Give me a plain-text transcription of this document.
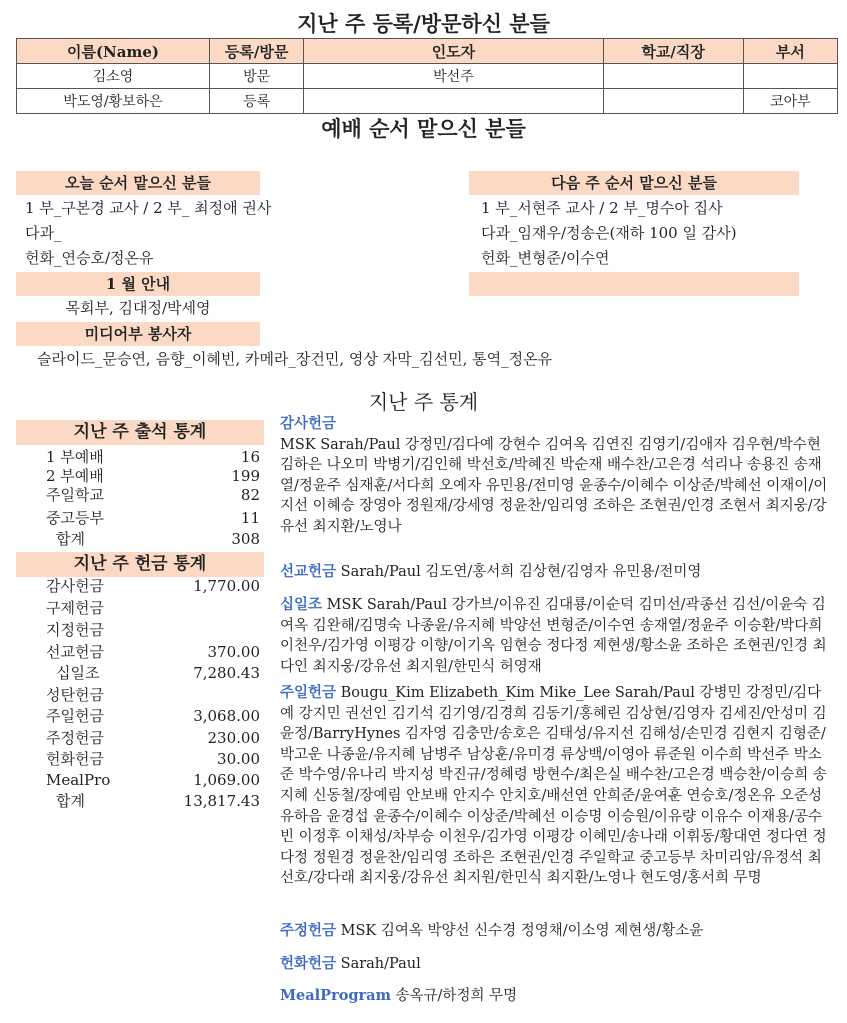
지난 주 등록/방문하신 분들
이름(Name)	등록/방문	인도자	학교/직장	부서
김소영	방문	박선주		
박도영/황보하은	등록			코아부
예배 순서 맡으신 분들
오늘 순서 맡으신 분들
1 부_구본경 교사 / 2 부_ 최정애 권사
다과_
헌화_연승호/정온유
다음 주 순서 맡으신 분들
1 부_서현주 교사 / 2 부_명수아 집사
다과_임재우/정송은(재하 100 일 감사)
헌화_변형준/이수연
1 월 안내
목회부, 김대정/박세영
미디어부 봉사자
슬라이드_문승연, 음향_이혜빈, 카메라_장건민, 영상 자막_김선민, 통역_정온유
지난 주 통계
지난 주 출석 통계
1 부예배	16
2 부예배	199
주일학교	82
중고등부	11
합계	308
지난 주 헌금 통계
감사헌금	1,770.00
구제헌금
지정헌금
선교헌금	370.00
십일조	7,280.43
성탄헌금
주일헌금	3,068.00
주정헌금	230.00
헌화헌금	30.00
MealPro	1,069.00
합계	13,817.43
감사헌금
MSK Sarah/Paul 강정민/김다예 강현수 김여옥 김연진 김영기/김애자 김우현/박수현 김하은 나오미 박병기/김인해 박선호/박혜진 박순재 배수찬/고은경 석리나 송용진 송재열/정윤주 심재훈/서다희 오예자 유민용/전미영 윤종수/이혜수 이상준/박혜선 이재이/이지선 이혜승 장영아 정원재/강세영 정윤찬/임리영 조하은 조현권/인경 조현서 최지웅/강유선 최지환/노영나
선교헌금 Sarah/Paul 김도연/홍서희 김상현/김영자 유민용/전미영
십일조 MSK Sarah/Paul 강가브/이유진 김대룡/이순덕 김미선/곽종선 김선/이윤숙 김여옥 김완해/김명숙 나종윤/유지혜 박양선 변형준/이수연 송재열/정윤주 이승환/박다희 이천우/김가영 이평강 이향/이기옥 임현승 정다정 제현생/황소윤 조하은 조현권/인경 최다인 최지웅/강유선 최지원/한민식 허영재
주일헌금 Bougu_Kim Elizabeth_Kim Mike_Lee Sarah/Paul 강병민 강정민/김다예 강지민 권선인 김기석 김기영/김경희 김동기/홍혜린 김상현/김영자 김세진/안성미 김윤정/BarryHynes 김자영 김충만/송호은 김태성/유지선 김해성/손민경 김현지 김형준/박고운 나종윤/유지혜 남병주 남상훈/유미경 류상백/이영아 류준원 이수희 박선주 박소준 박수영/유나리 박지성 박진규/정혜령 방현수/최은실 배수찬/고은경 백승찬/이승희 송지혜 신동철/장예림 안보배 안지수 안치호/배선연 안희준/윤여훈 연승호/정온유 오준성 유하음 윤경섭 윤종수/이혜수 이상준/박혜선 이승명 이승원/이유량 이유수 이재용/공수빈 이정후 이채성/차부승 이천우/김가영 이평강 이혜민/송나래 이휘동/황대연 정다연 정다정 정원경 정윤찬/임리영 조하은 조현권/인경 주일학교 중고등부 차미리암/유정석 최선호/강다래 최지웅/강유선 최지원/한민식 최지환/노영나 현도영/홍서희 무명
주정헌금 MSK 김여옥 박양선 신수경 정영채/이소영 제현생/황소윤
헌화헌금 Sarah/Paul
MealProgram 송옥규/하정희 무명
